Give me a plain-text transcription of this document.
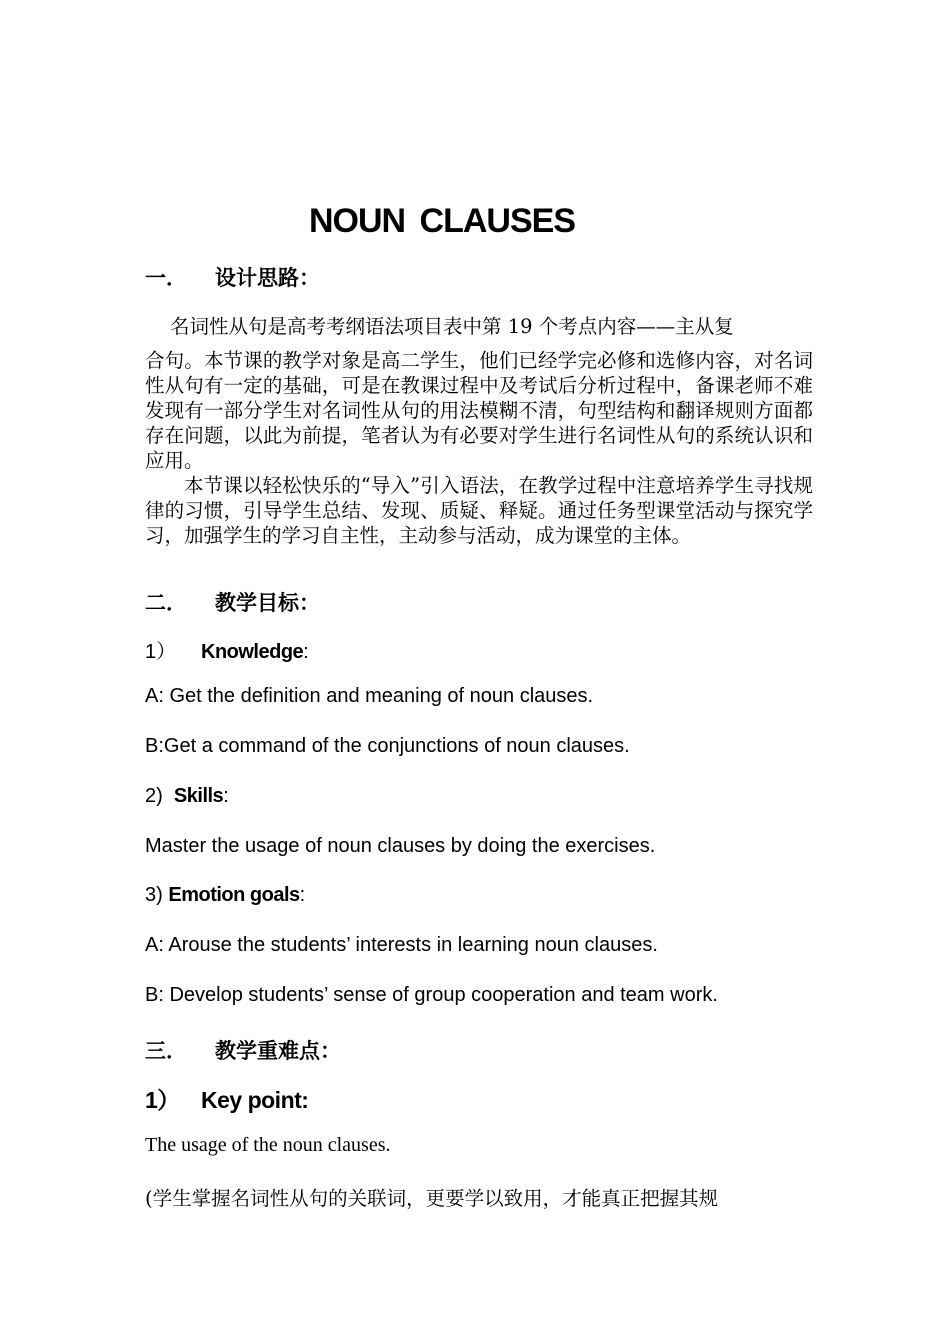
NOUN CLAUSES
一． 设计思路：
名词性从句是高考考纲语法项目表中第 19 个考点内容——主从复
合句。本节课的教学对象是高二学生，他们已经学完必修和选修内容，对名词性从句有一定的基础，可是在教课过程中及考试后分析过程中，备课老师不难发现有一部分学生对名词性从句的用法模糊不清，句型结构和翻译规则方面都存在问题，以此为前提，笔者认为有必要对学生进行名词性从句的系统认识和应用。
本节课以轻松快乐的“导入”引入语法，在教学过程中注意培养学生寻找规律的习惯，引导学生总结、发现、质疑、释疑。通过任务型课堂活动与探究学习，加强学生的学习自主性，主动参与活动，成为课堂的主体。
二． 教学目标：
1） Knowledge:
A: Get the definition and meaning of noun clauses.
B:Get a command of the conjunctions of noun clauses.
2) Skills:
Master the usage of noun clauses by doing the exercises.
3) Emotion goals:
A: Arouse the students’ interests in learning noun clauses.
B: Develop students’ sense of group cooperation and team work.
三． 教学重难点：
1） Key point:
The usage of the noun clauses.
(学生掌握名词性从句的关联词，更要学以致用，才能真正把握其规
